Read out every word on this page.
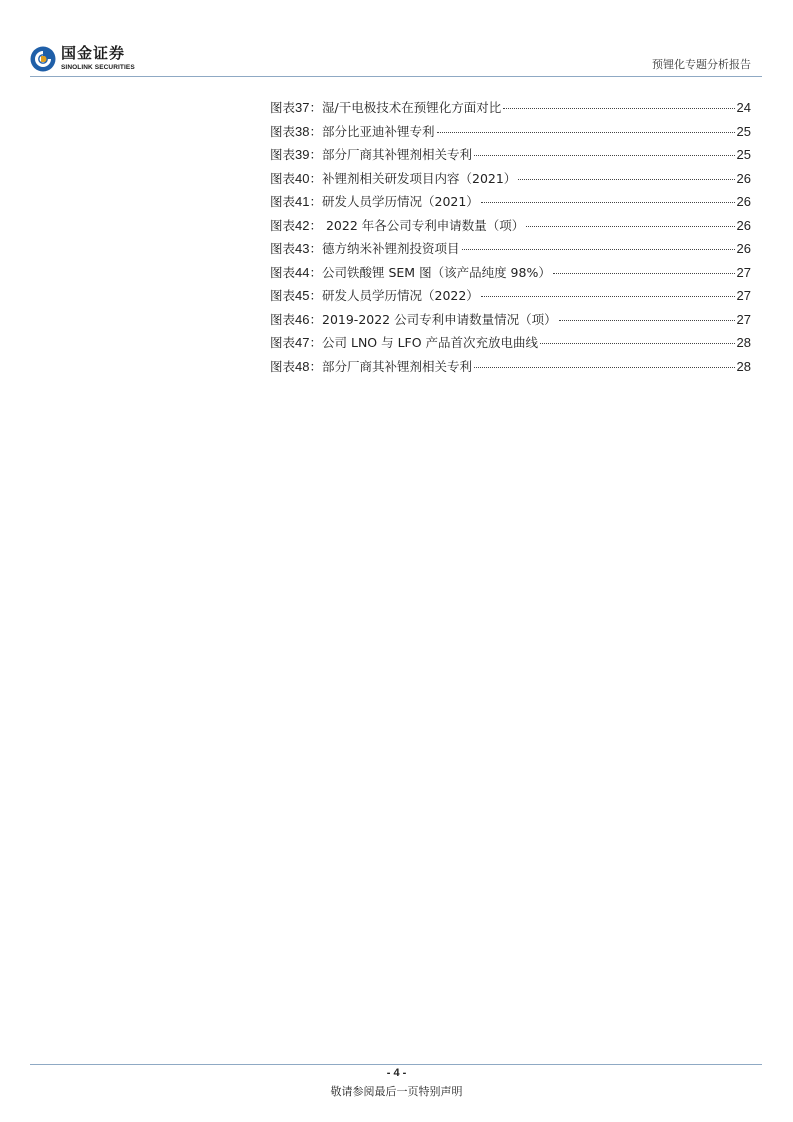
国金证券
SINOLINK SECURITIES	预锂化专题分析报告
图表37：湿/干电极技术在预锂化方面对比	24
图表38：部分比亚迪补锂专利	25
图表39：部分厂商其补锂剂相关专利	25
图表40：补锂剂相关研发项目内容（2021）	26
图表41：研发人员学历情况（2021）	26
图表42： 2022 年各公司专利申请数量（项）	26
图表43：德方纳米补锂剂投资项目	26
图表44：公司铁酸锂 SEM 图（该产品纯度 98%）	27
图表45：研发人员学历情况（2022）	27
图表46：2019-2022 公司专利申请数量情况（项）	27
图表47：公司 LNO 与 LFO 产品首次充放电曲线	28
图表48：部分厂商其补锂剂相关专利	28
- 4 -
敬请参阅最后一页特别声明
